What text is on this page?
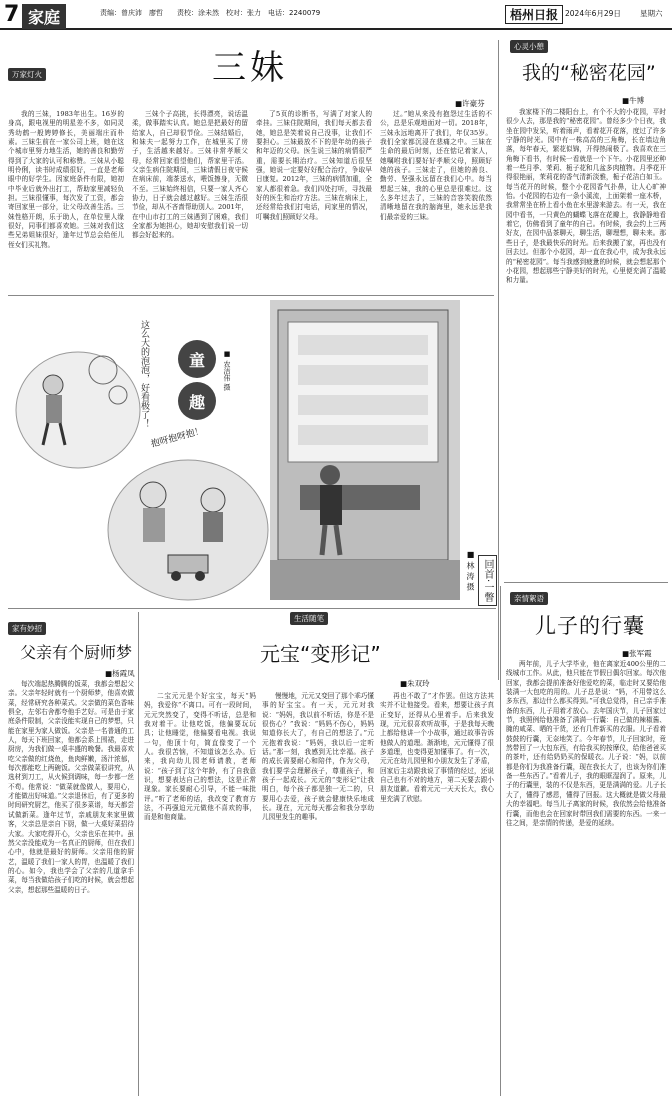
7 家庭	责编：曾庆沛　廖哲　　责校：涂未然　校对：张力　电话：2240079	梧州日报 2024年6月29日	星期六
万家灯火	三妹
■许豪芬
我的三妹，1983年出生。16岁的身高，跟电视里的明星差不多，如同灵秀幼鹤一般娉婷修长，美丽端庄而朴素。三妹生前在一家公司上班，她在这个城市里努力地生活，她的善良和勤劳得到了大家的认可和称赞。三妹从小聪明伶俐，读书时成绩很好，一直是老师眼中的好学生。因家庭条件有限，她初中毕业后就外出打工，帮助家里减轻负担。三妹很懂事，每次发了工资，都会寄回家里一部分，让父母改善生活。三妹性格开朗，乐于助人，在单位里人缘很好，同事们都喜欢她。三妹对我们这些兄弟姐妹很好，逢年过节总会给侄儿侄女们买礼物。
三妹个子高挑，长得漂亮，说话温柔，做事踏实认真。她总是把最好的留给家人，自己却很节俭。三妹结婚后，和妹夫一起努力工作，在城里买了房子，生活越来越好。三妹非常孝顺父母，经常回家看望他们，帮家里干活。父亲生病住院期间，三妹请假日夜守候在病床前，端茶送水，喂饭擦身，无微不至。三妹始终相信，只要一家人齐心协力，日子就会越过越好。三妹生活很节俭，却从不吝啬帮助别人。2001年，在中山市打工的三妹遇到了困难，我们全家都为她担心，她却安慰我们说一切都会好起来的。
了5页的诊断书，写满了对家人的牵挂。三妹住院期间，我们每天都去看她，她总是笑着说自己没事，让我们不要担心。三妹最放不下的是年幼的孩子和年迈的父母。医生说三妹的病情很严重，需要长期治疗。三妹知道后很坚强，她说一定要好好配合治疗，争取早日康复。2012年，三妹的病情加重，全家人都很着急。我们四处打听，寻找最好的医生和治疗方法。三妹在病床上，还经常给我们打电话，问家里的情况，叮嘱我们照顾好父母。
过。”她从来没有抱怨过生活的不公，总是乐观地面对一切。2018年，三妹永远地离开了我们，年仅35岁。我们全家都沉浸在悲痛之中。三妹在生命的最后时刻，还在惦记着家人，她嘱咐我们要好好孝顺父母，照顾好她的孩子。三妹走了，但她的善良、勤劳、坚强永远留在我们心中。每当想起三妹，我的心里总是很难过。这么多年过去了，三妹的音容笑貌依然清晰地留在我的脑海里，她永远是我们最亲爱的三妹。
童
趣
■ 农洁伟 摄
这么大的泡泡，好看极了！
抱呀抱呀抱！
■ 林 涛 摄 回首·一瞥
心灵小憩
我的“秘密花园”
■牛博
我家楼下的二楼阳台上，有个不大的小花园，平时很少人去，那是我的“秘密花园”。曾经多少个日夜，我坐在园中发呆，听着雨声，看着花开花落，度过了许多宁静的时光。园中有一株高高的三角梅，长在墙边角落，每年春天，繁花似锦，开得热闹极了。我喜欢在三角梅下看书，有时候一看就是一个下午。小花园里还种着一些月季、茉莉、栀子花和几盆多肉植物。月季花开得很艳丽，茉莉花的香气清新淡雅，栀子花洁白如玉。每当花开的时候，整个小花园香气扑鼻，让人心旷神怡。小花园的右边有一条小溪流，上面架着一座木桥，我常常坐在桥上看小鱼在水里游来游去。有一天，我在园中看书，一只黄色的蝴蝶飞落在花瓣上，我静静地看着它，仿佛看到了童年的自己。有时候，我会约上三两好友，在园中品茶聊天，聊生活，聊理想，聊未来。那些日子，是我最快乐的时光。后来我搬了家，再也没有回去过。但那个小花园，却一直在我心中，成为我永远的“秘密花园”。每当我感到疲惫的时候，就会想起那个小花园，想起那些宁静美好的时光，心里便充满了温暖和力量。
亲情絮语
儿子的行囊
■张军霞
两年前，儿子大学毕业，他在离家近400公里的二线城市工作。从此，他只能在节假日偶尔回家。每次他回家，我都会提前准备好他爱吃的菜，临走时又要给他装满一大包吃的用的。儿子总是说：“妈，不用带这么多东西，那边什么都买得到。”可我总觉得，自己亲手准备的东西，儿子用着才放心。去年国庆节，儿子回家过节，我照例给他准备了满满一行囊：自己做的辣椒酱、腌的咸菜、晒的干货，还有几件新买的衣服。儿子看着鼓鼓的行囊，无奈地笑了。今年春节，儿子回家时，竟然带回了一大包东西，有给我买的按摩仪，给他爸爸买的茶叶，还有给奶奶买的保暖衣。儿子说：“妈，以前都是你们为我准备行囊，现在我长大了，也该为你们准备一些东西了。”看着儿子，我的眼眶湿润了。原来，儿子的行囊里，装的不仅是东西，更是满满的爱。儿子长大了，懂得了感恩，懂得了回报。这大概就是做父母最大的幸福吧。每当儿子离家的时候，我依然会给他准备行囊，而他也会在回家时带回我们需要的东西。一来一往之间，是亲情的传递，是爱的延续。
家有妙招
父亲有个厨师梦
■杨霞凤
每次端起热腾腾的饭菜，我都会想起父亲。父亲年轻时就有一个厨师梦，他喜欢做菜，经常研究各种菜式。父亲做的菜色香味俱全，左邻右舍都夸他手艺好。可是由于家庭条件限制，父亲没能实现自己的梦想，只能在家里为家人做饭。父亲是一名普通的工人，每天下班回家，他都会系上围裙，走进厨房，为我们做一桌丰盛的晚餐。我最喜欢吃父亲做的红烧鱼，鱼肉鲜嫩，汤汁浓郁，每次都能吃上两碗饭。父亲做菜很讲究，从选材到刀工，从火候到调味，每一步都一丝不苟。他常说：“做菜就像做人，要用心，才能做出好味道。”父亲退休后，有了更多的时间研究厨艺，他买了很多菜谱，每天都尝试做新菜。逢年过节，亲戚朋友来家里做客，父亲总是亲自下厨，做一大桌好菜招待大家。大家吃得开心，父亲也乐在其中。虽然父亲没能成为一名真正的厨师，但在我们心中，他就是最好的厨师。父亲用他的厨艺，温暖了我们一家人的胃，也温暖了我们的心。如今，我也学会了父亲的几道拿手菜，每当我做给孩子们吃的时候，就会想起父亲，想起那些温暖的日子。
生活随笔
元宝“变形记”
■朱双玲
二宝元元是个好宝宝，每天“妈妈，我爱你”不离口。可有一段时间，元元突然变了，变得不听话，总是和我对着干。让他吃饭，他偏要玩玩具；让他睡觉，他偏要看电视。我说一句，他顶十句，简直像变了一个人。我很苦恼，不知道该怎么办。后来，我向幼儿园老师请教，老师说：“孩子到了这个年龄，有了自我意识，想要表达自己的想法，这是正常现象。家长要耐心引导，不能一味批评。”听了老师的话，我改变了教育方法，不再强迫元元做他不喜欢的事，而是和他商量。
慢慢地，元元又变回了那个乖巧懂事的好宝宝。有一天，元元对我说：“妈妈，我以前不听话，你是不是很伤心？”我说：“妈妈不伤心，妈妈知道你长大了，有自己的想法了。”元元抱着我说：“妈妈，我以后一定听话。”那一刻，我感到无比幸福。孩子的成长需要耐心和陪伴，作为父母，我们要学会理解孩子，尊重孩子，和孩子一起成长。元元的“变形记”让我明白，每个孩子都是独一无二的，只要用心去爱，孩子就会健康快乐地成长。现在，元元每天都会和我分享幼儿园里发生的趣事。
再也不敢了”才作罢。但这方法其实并不让他接受。看来，想要让孩子真正变好，还得从心里着手。后来我发现，元元很喜欢听故事，于是我每天晚上都给他讲一个小故事，通过故事告诉他做人的道理。渐渐地，元元懂得了很多道理，也变得更加懂事了。有一次，元元在幼儿园里和小朋友发生了矛盾，回家后主动跟我说了事情的经过，还说自己也有不对的地方，第二天要去跟小朋友道歉。看着元元一天天长大，我心里充满了欣慰。
